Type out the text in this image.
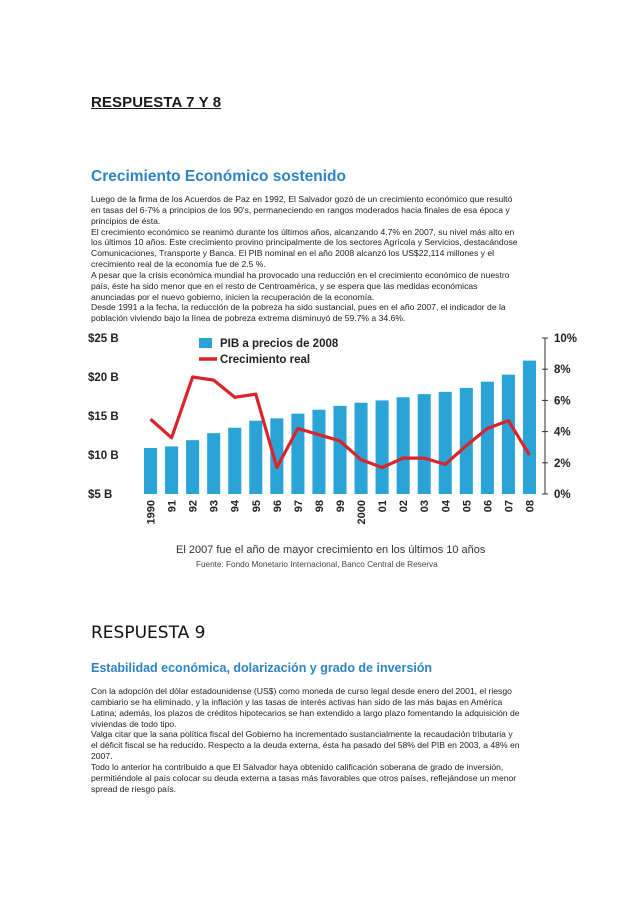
RESPUESTA 7 Y 8
Crecimiento Económico sostenido
Luego de la firma de los Acuerdos de Paz en 1992, El Salvador gozó de un crecimiento económico que resultó
en tasas del 6-7% a principios de los 90's, permaneciendo en rangos moderados hacia finales de esa época y
principios de ésta.
El crecimiento económico se reanimó durante los últimos años, alcanzando 4.7% en 2007, su nivel más alto en
los últimos 10 años. Este crecimiento provino principalmente de los sectores Agrícola y Servicios, destacándose
Comunicaciones, Transporte y Banca. El PIB nominal en el año 2008 alcanzó los US$22,114 millones y el
crecimiento real de la economía fue de 2.5 %.
A pesar que la crisis económica mundial ha provocado una reducción en el crecimiento económico de nuestro
país, éste ha sido menor que en el resto de Centroamérica, y se espera que las medidas económicas
anunciadas por el nuevo gobierno, inicien la recuperación de la economía.
Desde 1991 a la fecha, la reducción de la pobreza ha sido sustancial, pues en el año 2007, el indicador de la
población viviendo bajo la línea de pobreza extrema disminuyó de 59.7% a 34.6%.
$25 B
$20 B
$15 B
$10 B
$5 B
10%
8%
6%
4%
2%
0%
1990 91 92 93 94 95 96 97 98 99 2000 01 02 03 04 05 06 07 08
PIB a precios de 2008
Crecimiento real
El 2007 fue el año de mayor crecimiento en los últimos 10 años
Fuente: Fondo Monetario Internacional, Banco Central de Reserva
RESPUESTA 9
Estabilidad económica, dolarización y grado de inversión
Con la adopción del dólar estadounidense (US$) como moneda de curso legal desde enero del 2001, el riesgo
cambiario se ha eliminado, y la inflación y las tasas de interés activas han sido de las más bajas en América
Latina; además, los plazos de créditos hipotecarios se han extendido a largo plazo fomentando la adquisición de
viviendas de todo tipo.
Valga citar que la sana política fiscal del Gobierno ha incrementado sustancialmente la recaudación tributaria y
el déficit fiscal se ha reducido. Respecto a la deuda externa, ésta ha pasado del 58% del PIB en 2003, a 48% en
2007.
Todo lo anterior ha contribuido a que El Salvador haya obtenido calificación soberana de grado de inversión,
permitiéndole al país colocar su deuda externa a tasas más favorables que otros países, reflejándose un menor
spread de riesgo país.
